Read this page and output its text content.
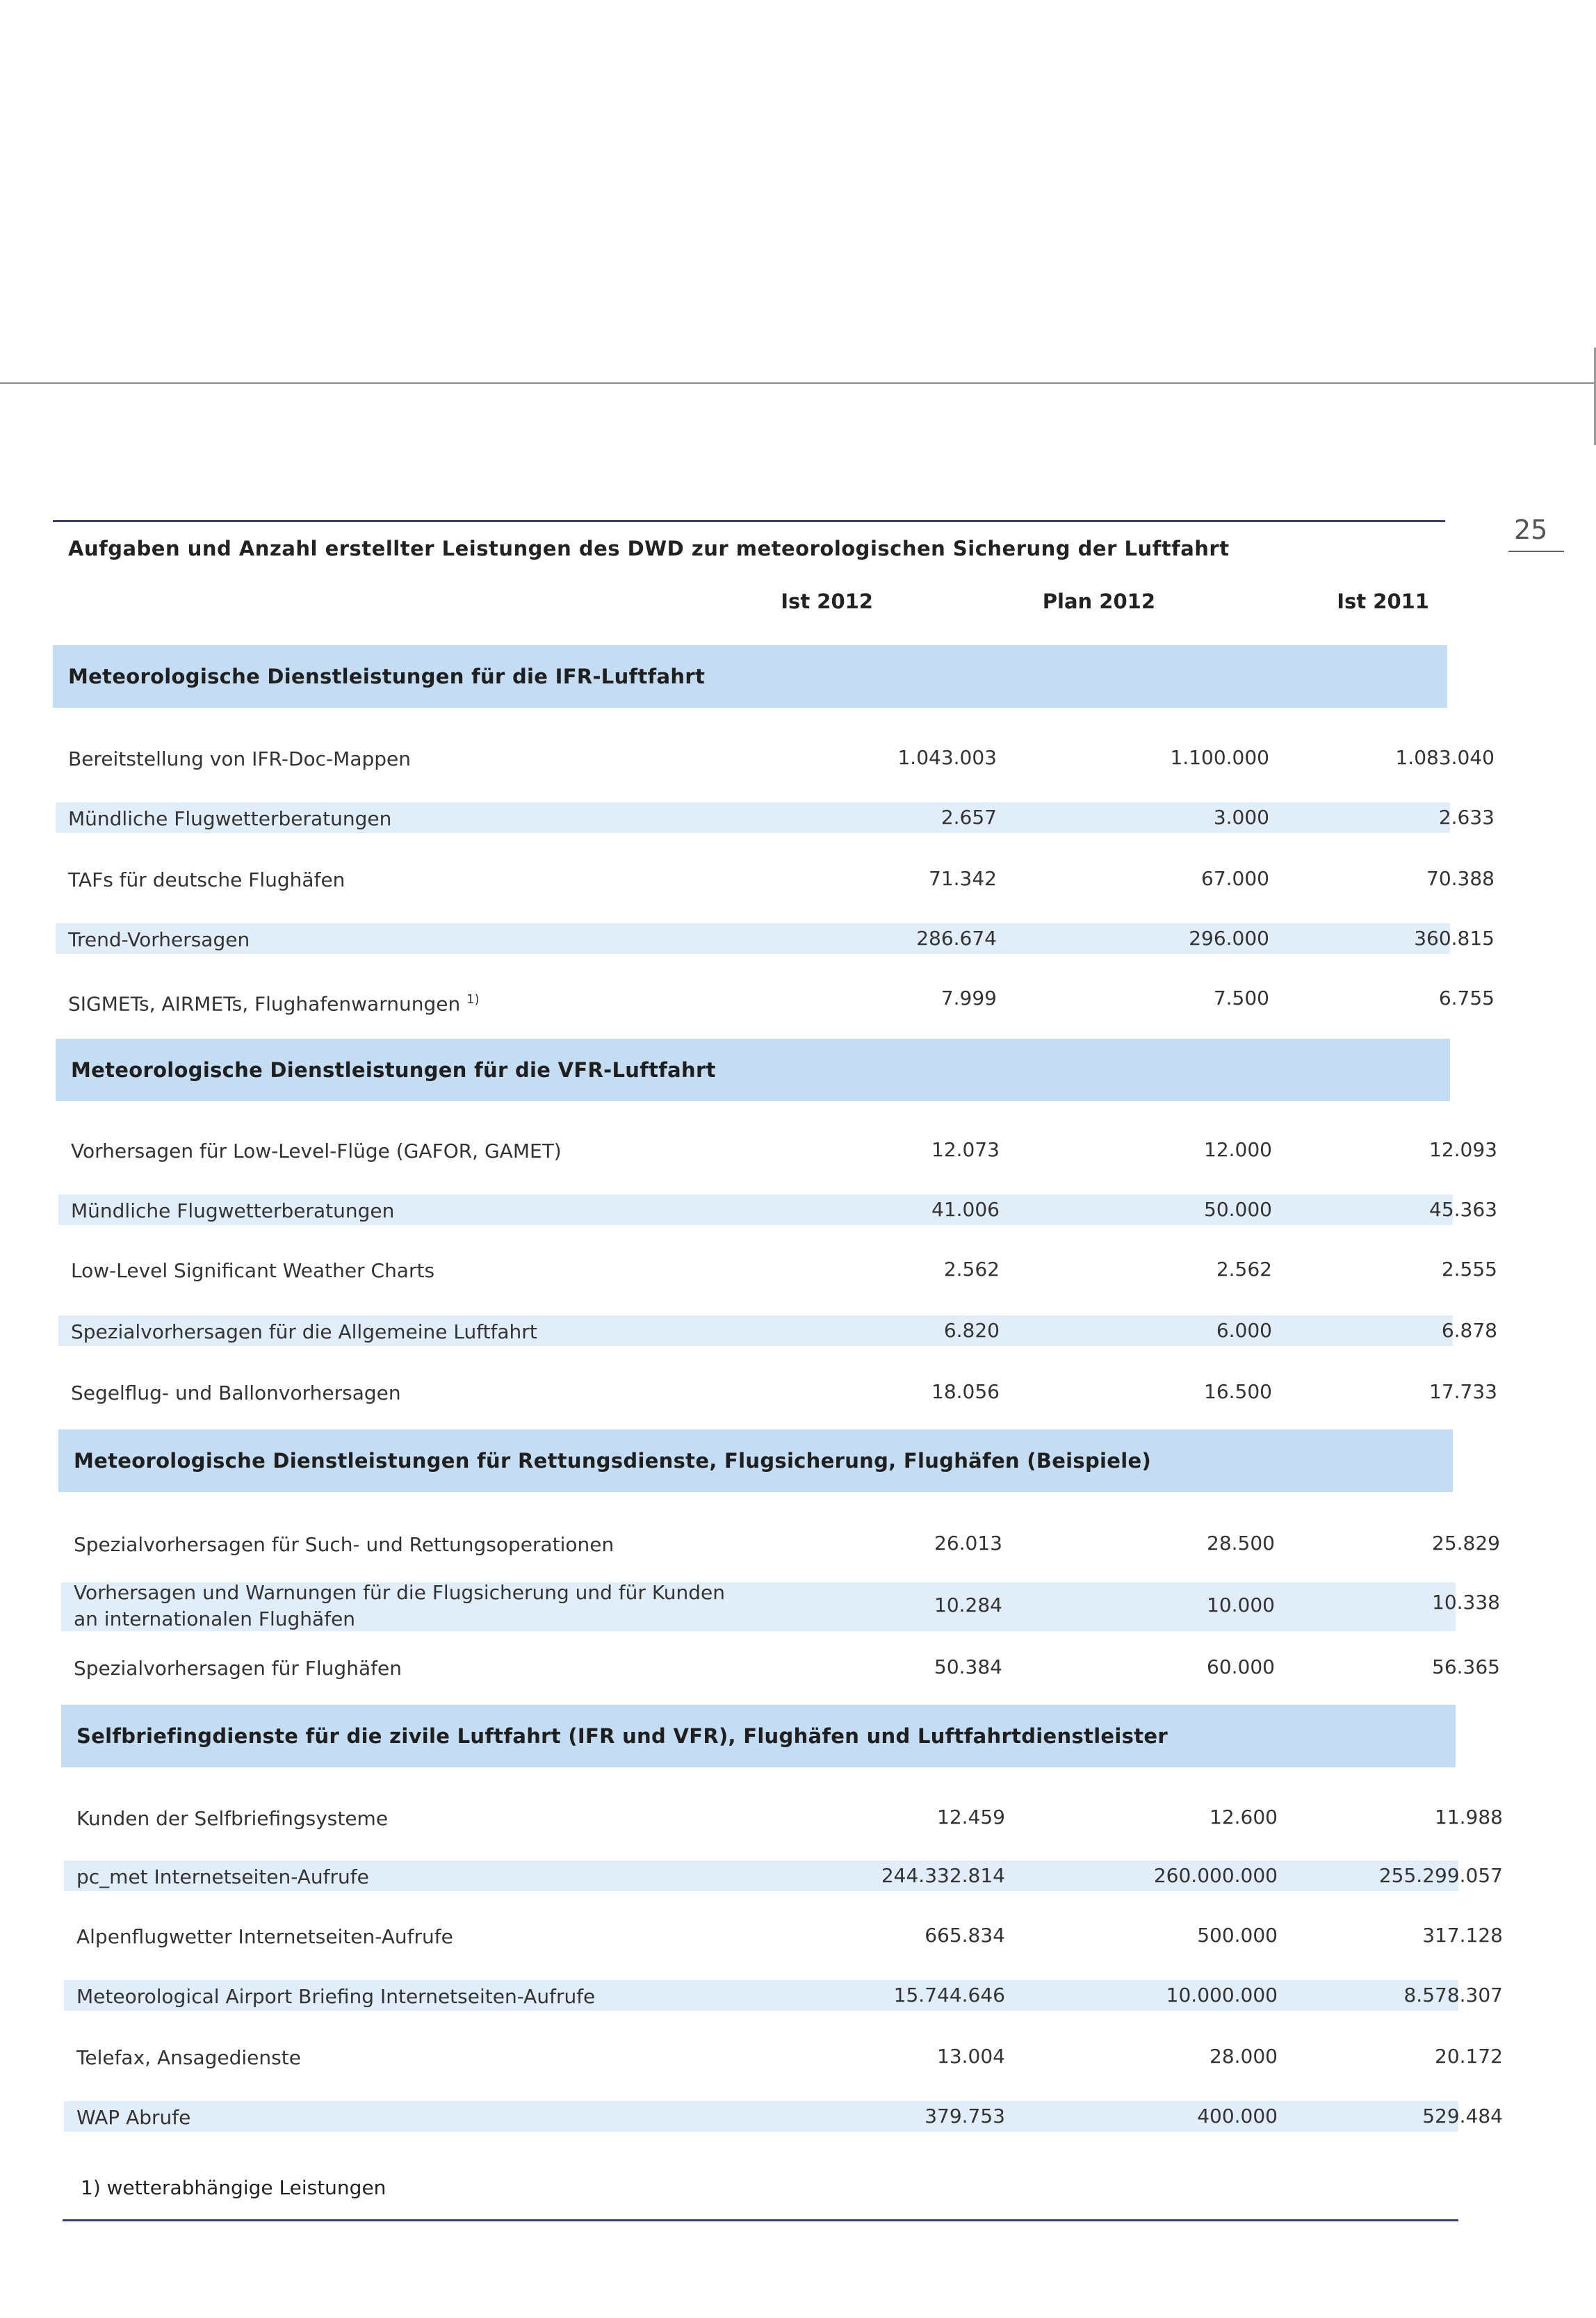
25
Aufgaben und Anzahl erstellter Leistungen des DWD zur meteorologischen Sicherung der Luftfahrt
Ist 2012	Plan 2012	Ist 2011
Meteorologische Dienstleistungen für die IFR-Luftfahrt
Bereitstellung von IFR-Doc-Mappen	1.043.003	1.100.000	1.083.040
Mündliche Flugwetterberatungen	2.657	3.000	2.633
TAFs für deutsche Flughäfen	71.342	67.000	70.388
Trend-Vorhersagen	286.674	296.000	360.815
SIGMETs, AIRMETs, Flughafenwarnungen $^{1)}$	7.999	7.500	6.755
Meteorologische Dienstleistungen für die VFR-Luftfahrt
Vorhersagen für Low-Level-Flüge (GAFOR, GAMET)	12.073	12.000	12.093
Mündliche Flugwetterberatungen	41.006	50.000	45.363
Low-Level Significant Weather Charts	2.562	2.562	2.555
Spezialvorhersagen für die Allgemeine Luftfahrt	6.820	6.000	6.878
Segelflug- und Ballonvorhersagen	18.056	16.500	17.733
Meteorologische Dienstleistungen für Rettungsdienste, Flugsicherung, Flughäfen (Beispiele)
Spezialvorhersagen für Such- und Rettungsoperationen	26.013	28.500	25.829
Vorhersagen und Warnungen für die Flugsicherung und für Kunden
an internationalen Flughäfen
10.284	10.000	10.338
Spezialvorhersagen für Flughäfen	50.384	60.000	56.365
Selfbriefingdienste für die zivile Luftfahrt (IFR und VFR), Flughäfen und Luftfahrtdienstleister
Kunden der Selfbriefingsysteme	12.459	12.600	11.988
pc_met Internetseiten-Aufrufe	244.332.814	260.000.000	255.299.057
Alpenflugwetter Internetseiten-Aufrufe	665.834	500.000	317.128
Meteorological Airport Briefing Internetseiten-Aufrufe	15.744.646	10.000.000	8.578.307
Telefax, Ansagedienste	13.004	28.000	20.172
WAP Abrufe	379.753	400.000	529.484
1) wetterabhängige Leistungen
